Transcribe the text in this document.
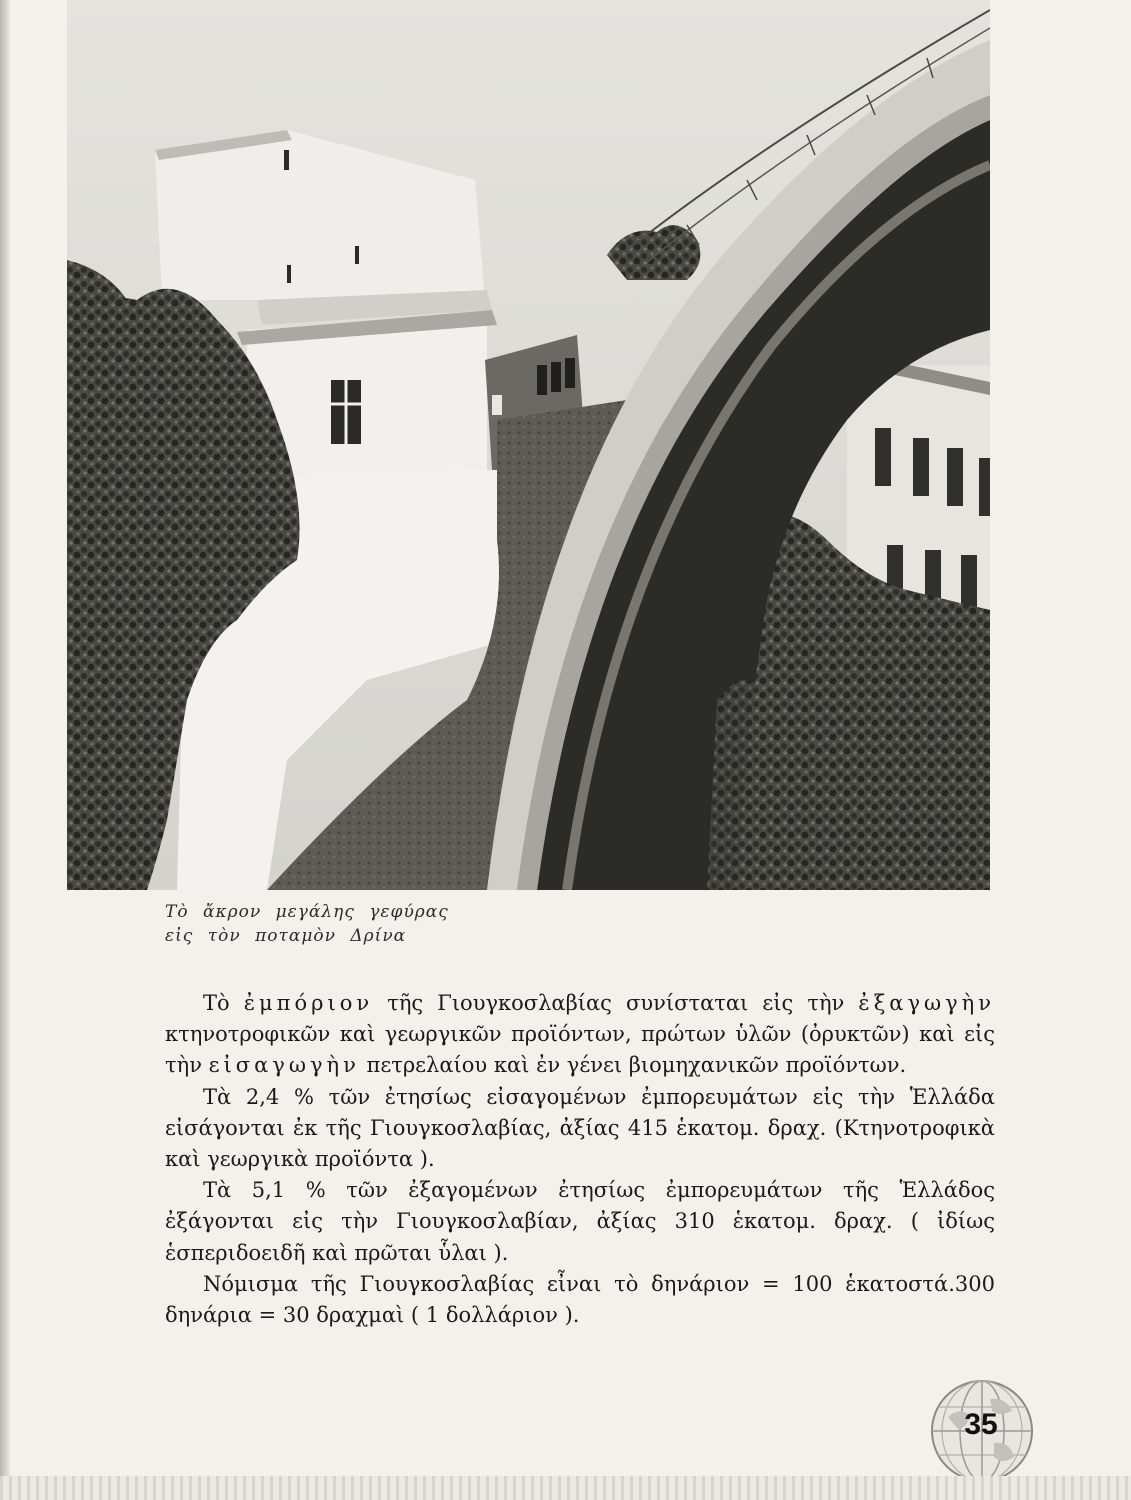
Τὸ ἄκρον μεγάλης γεφύρας
εἰς τὸν ποταμὸν Δρίνα

Τὸ ἐμπόριον τῆς Γιουγκοσλαβίας συνίσταται εἰς τὴν ἐξαγωγὴν κτηνοτροφικῶν καὶ γεωργικῶν προϊόντων, πρώτων ὑλῶν (ὀρυκτῶν) καὶ εἰς τὴν εἰσαγωγὴν πετρελαίου καὶ ἐν γένει βιομηχανικῶν προϊόντων.

Τὰ 2,4 % τῶν ἐτησίως εἰσαγομένων ἐμπορευμάτων εἰς τὴν Ἑλλάδα εἰσάγονται ἐκ τῆς Γιουγκοσλαβίας, ἀξίας 415 ἑκατομ. δραχ. (Κτηνοτροφικὰ καὶ γεωργικὰ προϊόντα ).

Τὰ 5,1 % τῶν ἐξαγομένων ἐτησίως ἐμπορευμάτων τῆς Ἑλλάδος ἐξάγονται εἰς τὴν Γιουγκοσλαβίαν, ἀξίας 310 ἑκατομ. δραχ. ( ἰδίως ἑσπεριδοειδῆ καὶ πρῶται ὗλαι ).

Νόμισμα τῆς Γιουγκοσλαβίας εἶναι τὸ δηνάριον = 100 ἑκατοστά.300 δηνάρια = 30 δραχμαὶ ( 1 δολλάριον ).

35
